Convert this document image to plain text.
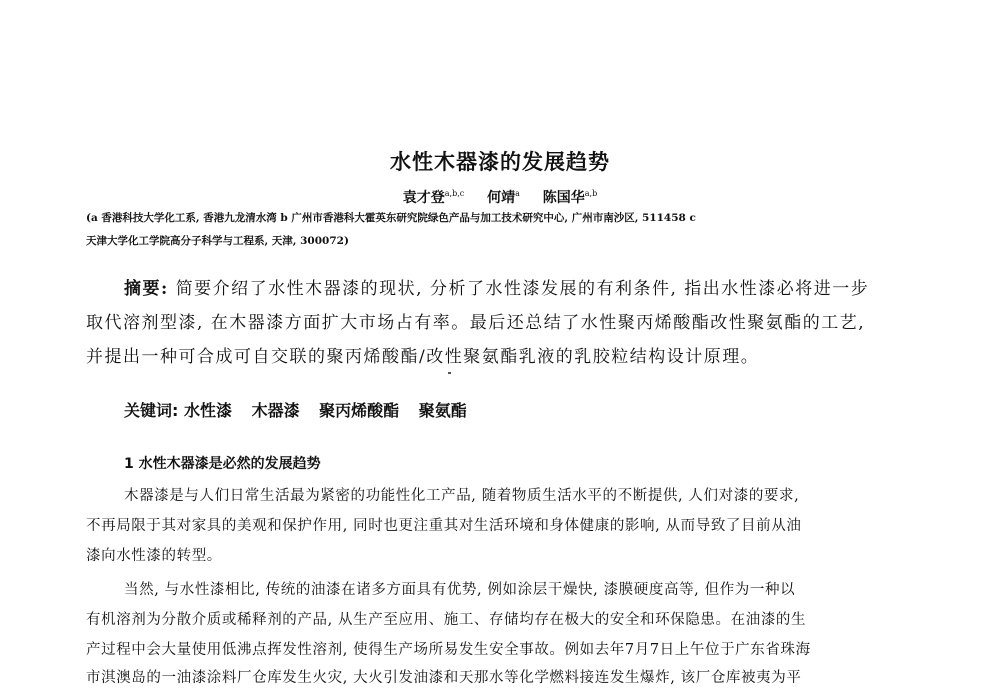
水性木器漆的发展趋势
袁才登$^{a,b,c}$ 何靖$^a$ 陈国华$^{a,b}$
(a 香港科技大学化工系, 香港九龙清水湾 b 广州市香港科大霍英东研究院绿色产品与加工技术研究中心, 广州市南沙区, 511458 c
天津大学化工学院高分子科学与工程系, 天津, 300072)
摘要: 简要介绍了水性木器漆的现状, 分析了水性漆发展的有利条件, 指出水性漆必将进一步
取代溶剂型漆, 在木器漆方面扩大市场占有率。最后还总结了水性聚丙烯酸酯改性聚氨酯的工艺,
并提出一种可合成可自交联的聚丙烯酸酯/改性聚氨酯乳液的乳胶粒结构设计原理。
关键词: 水性漆 木器漆 聚丙烯酸酯 聚氨酯
1 水性木器漆是必然的发展趋势
木器漆是与人们日常生活最为紧密的功能性化工产品, 随着物质生活水平的不断提供, 人们对漆的要求,
不再局限于其对家具的美观和保护作用, 同时也更注重其对生活环境和身体健康的影响, 从而导致了目前从油
漆向水性漆的转型。
当然, 与水性漆相比, 传统的油漆在诸多方面具有优势, 例如涂层干燥快, 漆膜硬度高等, 但作为一种以
有机溶剂为分散介质或稀释剂的产品, 从生产至应用、施工、存储均存在极大的安全和环保隐患。在油漆的生
产过程中会大量使用低沸点挥发性溶剂, 使得生产场所易发生安全事故。例如去年7月7日上午位于广东省珠海
市淇澳岛的一油漆涂料厂仓库发生火灾, 大火引发油漆和天那水等化学燃料接连发生爆炸, 该厂仓库被夷为平
